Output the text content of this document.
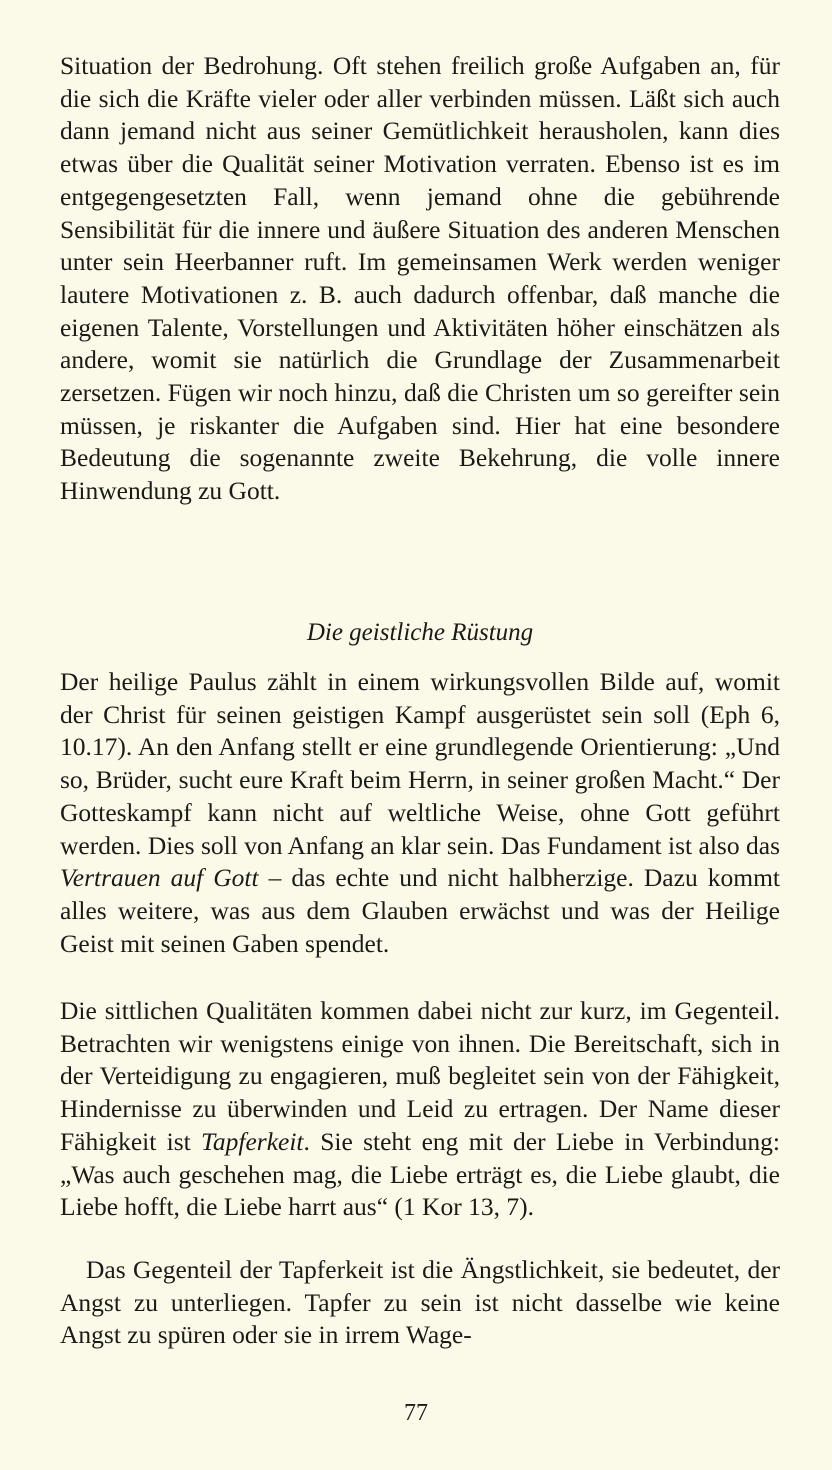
Situation der Bedrohung. Oft stehen freilich große Aufgaben an, für die sich die Kräfte vieler oder aller verbinden müssen. Läßt sich auch dann jemand nicht aus seiner Gemütlichkeit herausholen, kann dies etwas über die Qualität seiner Motivation verraten. Ebenso ist es im entgegengesetzten Fall, wenn jemand ohne die gebührende Sensibilität für die innere und äußere Situation des anderen Menschen unter sein Heerbanner ruft. Im gemeinsamen Werk werden weniger lautere Motivationen z. B. auch dadurch offenbar, daß manche die eigenen Talente, Vorstellungen und Aktivitäten höher einschätzen als andere, womit sie natürlich die Grundlage der Zusammenarbeit zersetzen. Fügen wir noch hinzu, daß die Christen um so gereifter sein müssen, je riskanter die Aufgaben sind. Hier hat eine besondere Bedeutung die sogenannte zweite Bekehrung, die volle innere Hinwendung zu Gott.

Die geistliche Rüstung

Der heilige Paulus zählt in einem wirkungsvollen Bilde auf, womit der Christ für seinen geistigen Kampf ausgerüstet sein soll (Eph 6, 10.17). An den Anfang stellt er eine grundlegende Orientierung: „Und so, Brüder, sucht eure Kraft beim Herrn, in seiner großen Macht.“ Der Gotteskampf kann nicht auf weltliche Weise, ohne Gott geführt werden. Dies soll von Anfang an klar sein. Das Fundament ist also das Vertrauen auf Gott – das echte und nicht halbherzige. Dazu kommt alles weitere, was aus dem Glauben erwächst und was der Heilige Geist mit seinen Gaben spendet.

Die sittlichen Qualitäten kommen dabei nicht zur kurz, im Gegenteil. Betrachten wir wenigstens einige von ihnen. Die Bereitschaft, sich in der Verteidigung zu engagieren, muß begleitet sein von der Fähigkeit, Hindernisse zu überwinden und Leid zu ertragen. Der Name dieser Fähigkeit ist Tapferkeit. Sie steht eng mit der Liebe in Verbindung: „Was auch geschehen mag, die Liebe erträgt es, die Liebe glaubt, die Liebe hofft, die Liebe harrt aus“ (1 Kor 13, 7).

Das Gegenteil der Tapferkeit ist die Ängstlichkeit, sie bedeutet, der Angst zu unterliegen. Tapfer zu sein ist nicht dasselbe wie keine Angst zu spüren oder sie in irrem Wage-

77
